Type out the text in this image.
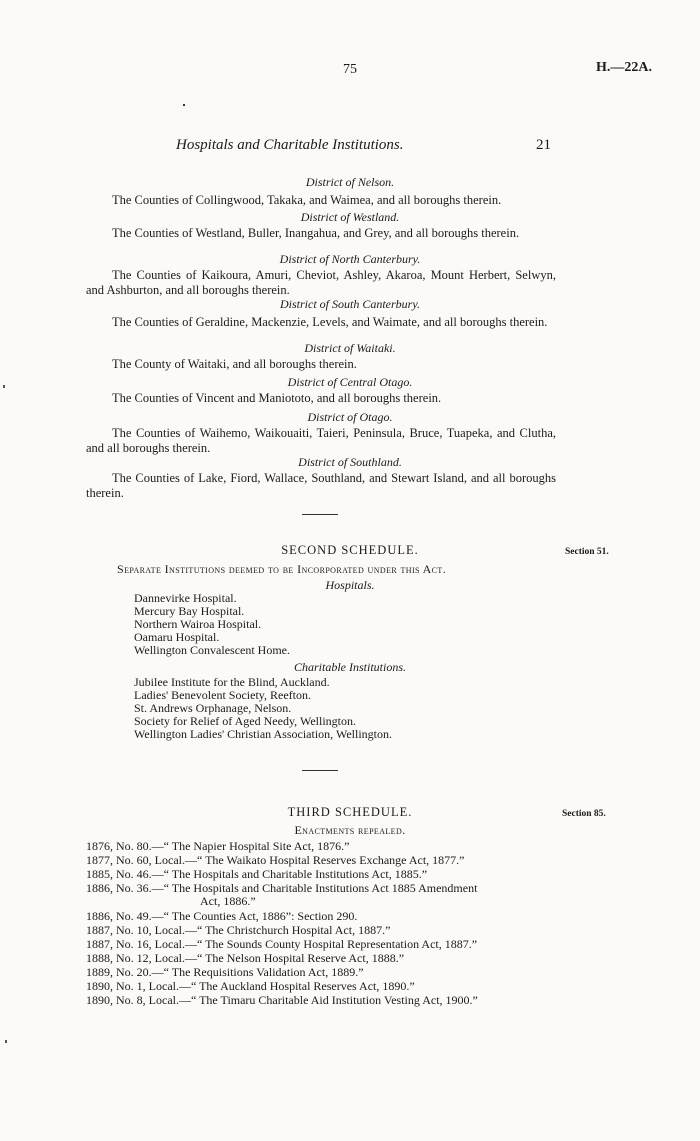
75	H.—22A.
Hospitals and Charitable Institutions.	21
District of Nelson.
The Counties of Collingwood, Takaka, and Waimea, and all boroughs therein.
District of Westland.
The Counties of Westland, Buller, Inangahua, and Grey, and all boroughs therein.
District of North Canterbury.
The Counties of Kaikoura, Amuri, Cheviot, Ashley, Akaroa, Mount Herbert, Selwyn, and Ashburton, and all boroughs therein.
District of South Canterbury.
The Counties of Geraldine, Mackenzie, Levels, and Waimate, and all boroughs therein.
District of Waitaki.
The County of Waitaki, and all boroughs therein.
District of Central Otago.
The Counties of Vincent and Maniototo, and all boroughs therein.
District of Otago.
The Counties of Waihemo, Waikouaiti, Taieri, Peninsula, Bruce, Tuapeka, and Clutha, and all boroughs therein.
District of Southland.
The Counties of Lake, Fiord, Wallace, Southland, and Stewart Island, and all boroughs therein.
SECOND SCHEDULE.	Section 51.
Separate Institutions deemed to be Incorporated under this Act.
Hospitals.
Dannevirke Hospital.
Mercury Bay Hospital.
Northern Wairoa Hospital.
Oamaru Hospital.
Wellington Convalescent Home.
Charitable Institutions.
Jubilee Institute for the Blind, Auckland.
Ladies' Benevolent Society, Reefton.
St. Andrews Orphanage, Nelson.
Society for Relief of Aged Needy, Wellington.
Wellington Ladies' Christian Association, Wellington.
THIRD SCHEDULE.	Section 85.
Enactments repealed.
1876, No. 80.—“ The Napier Hospital Site Act, 1876.”
1877, No. 60, Local.—“ The Waikato Hospital Reserves Exchange Act, 1877.”
1885, No. 46.—“ The Hospitals and Charitable Institutions Act, 1885.”
1886, No. 36.—“ The Hospitals and Charitable Institutions Act 1885 Amendment
Act, 1886.”
1886, No. 49.—“ The Counties Act, 1886”: Section 290.
1887, No. 10, Local.—“ The Christchurch Hospital Act, 1887.”
1887, No. 16, Local.—“ The Sounds County Hospital Representation Act, 1887.”
1888, No. 12, Local.—“ The Nelson Hospital Reserve Act, 1888.”
1889, No. 20.—“ The Requisitions Validation Act, 1889.”
1890, No. 1, Local.—“ The Auckland Hospital Reserves Act, 1890.”
1890, No. 8, Local.—“ The Timaru Charitable Aid Institution Vesting Act, 1900.”
